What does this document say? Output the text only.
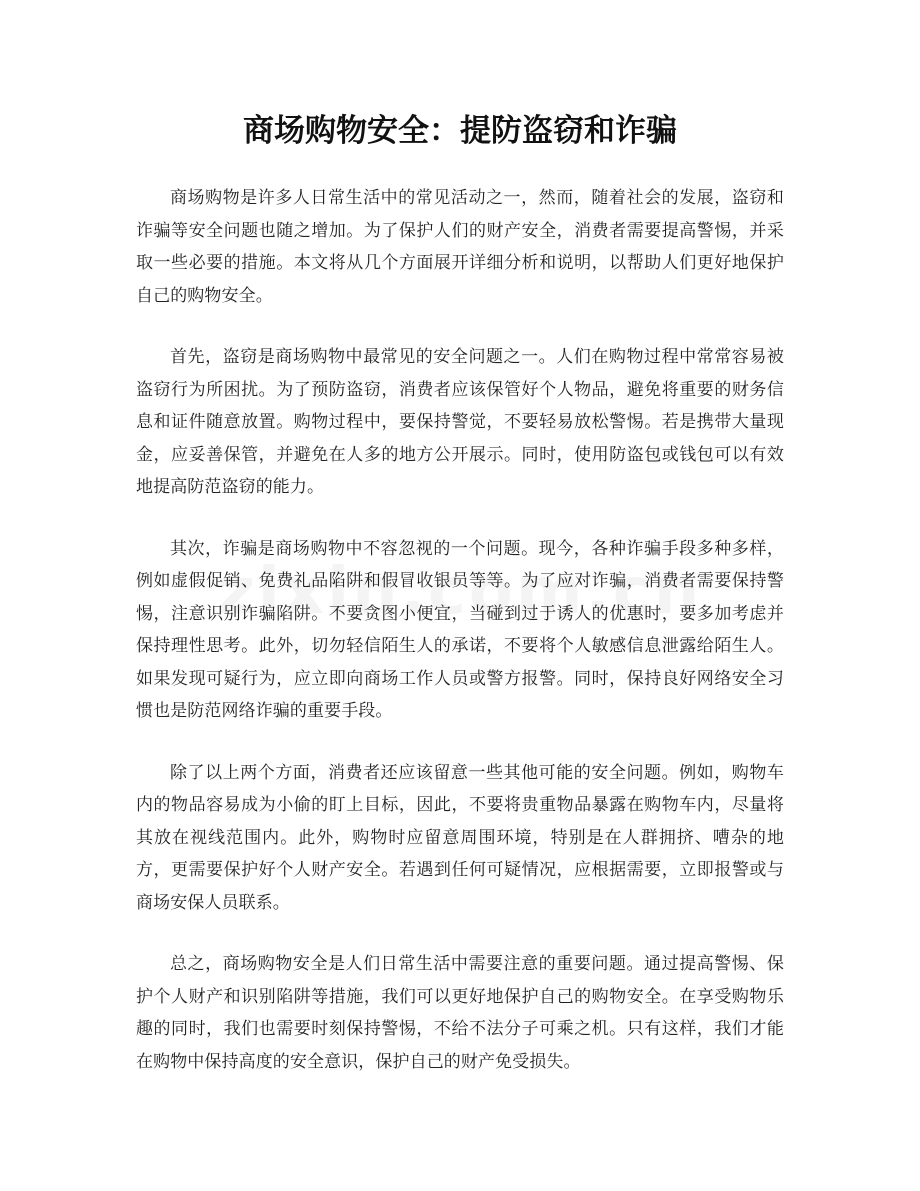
商场购物安全：提防盗窃和诈骗

商场购物是许多人日常生活中的常见活动之一，然而，随着社会的发展，盗窃和诈骗等安全问题也随之增加。为了保护人们的财产安全，消费者需要提高警惕，并采取一些必要的措施。本文将从几个方面展开详细分析和说明，以帮助人们更好地保护自己的购物安全。

首先，盗窃是商场购物中最常见的安全问题之一。人们在购物过程中常常容易被盗窃行为所困扰。为了预防盗窃，消费者应该保管好个人物品，避免将重要的财务信息和证件随意放置。购物过程中，要保持警觉，不要轻易放松警惕。若是携带大量现金，应妥善保管，并避免在人多的地方公开展示。同时，使用防盗包或钱包可以有效地提高防范盗窃的能力。

其次，诈骗是商场购物中不容忽视的一个问题。现今，各种诈骗手段多种多样，例如虚假促销、免费礼品陷阱和假冒收银员等等。为了应对诈骗，消费者需要保持警惕，注意识别诈骗陷阱。不要贪图小便宜，当碰到过于诱人的优惠时，要多加考虑并保持理性思考。此外，切勿轻信陌生人的承诺，不要将个人敏感信息泄露给陌生人。如果发现可疑行为，应立即向商场工作人员或警方报警。同时，保持良好网络安全习惯也是防范网络诈骗的重要手段。

除了以上两个方面，消费者还应该留意一些其他可能的安全问题。例如，购物车内的物品容易成为小偷的盯上目标，因此，不要将贵重物品暴露在购物车内，尽量将其放在视线范围内。此外，购物时应留意周围环境，特别是在人群拥挤、嘈杂的地方，更需要保护好个人财产安全。若遇到任何可疑情况，应根据需要，立即报警或与商场安保人员联系。

总之，商场购物安全是人们日常生活中需要注意的重要问题。通过提高警惕、保护个人财产和识别陷阱等措施，我们可以更好地保护自己的购物安全。在享受购物乐趣的同时，我们也需要时刻保持警惕，不给不法分子可乘之机。只有这样，我们才能在购物中保持高度的安全意识，保护自己的财产免受损失。
